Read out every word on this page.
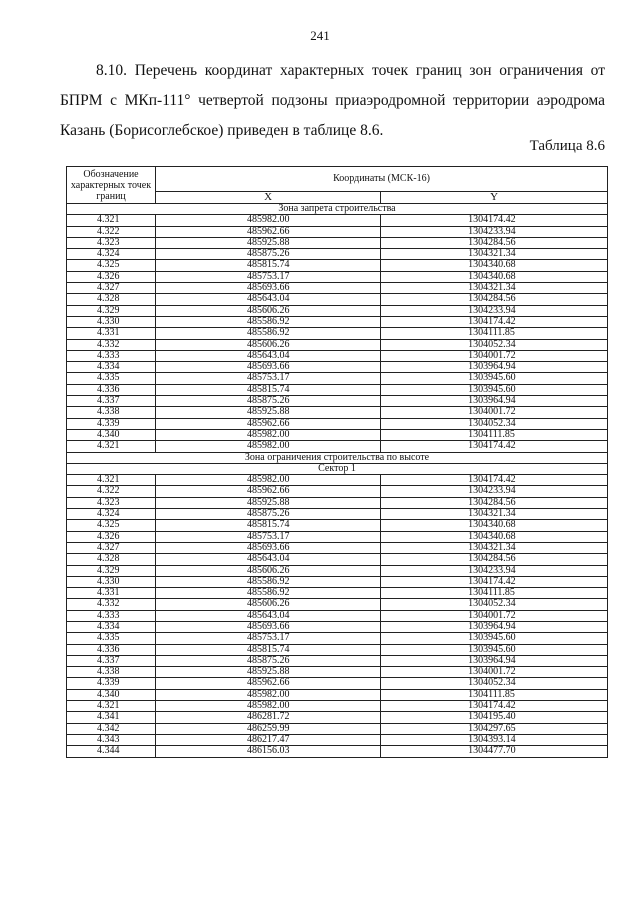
241
8.10. Перечень координат характерных точек границ зон ограничения от БПРМ с МКп-111° четвертой подзоны приаэродромной территории аэродрома Казань (Борисоглебское) приведен в таблице 8.6.
Таблица 8.6
Обозначение характерных точек границ	Координаты (МСК-16)	
	X	Y
Зона запрета строительства		
4.321	485982.00	1304174.42
4.322	485962.66	1304233.94
4.323	485925.88	1304284.56
4.324	485875.26	1304321.34
4.325	485815.74	1304340.68
4.326	485753.17	1304340.68
4.327	485693.66	1304321.34
4.328	485643.04	1304284.56
4.329	485606.26	1304233.94
4.330	485586.92	1304174.42
4.331	485586.92	1304111.85
4.332	485606.26	1304052.34
4.333	485643.04	1304001.72
4.334	485693.66	1303964.94
4.335	485753.17	1303945.60
4.336	485815.74	1303945.60
4.337	485875.26	1303964.94
4.338	485925.88	1304001.72
4.339	485962.66	1304052.34
4.340	485982.00	1304111.85
4.321	485982.00	1304174.42
Зона ограничения строительства по высоте		
Сектор 1		
4.321	485982.00	1304174.42
4.322	485962.66	1304233.94
4.323	485925.88	1304284.56
4.324	485875.26	1304321.34
4.325	485815.74	1304340.68
4.326	485753.17	1304340.68
4.327	485693.66	1304321.34
4.328	485643.04	1304284.56
4.329	485606.26	1304233.94
4.330	485586.92	1304174.42
4.331	485586.92	1304111.85
4.332	485606.26	1304052.34
4.333	485643.04	1304001.72
4.334	485693.66	1303964.94
4.335	485753.17	1303945.60
4.336	485815.74	1303945.60
4.337	485875.26	1303964.94
4.338	485925.88	1304001.72
4.339	485962.66	1304052.34
4.340	485982.00	1304111.85
4.321	485982.00	1304174.42
4.341	486281.72	1304195.40
4.342	486259.99	1304297.65
4.343	486217.47	1304393.14
4.344	486156.03	1304477.70
